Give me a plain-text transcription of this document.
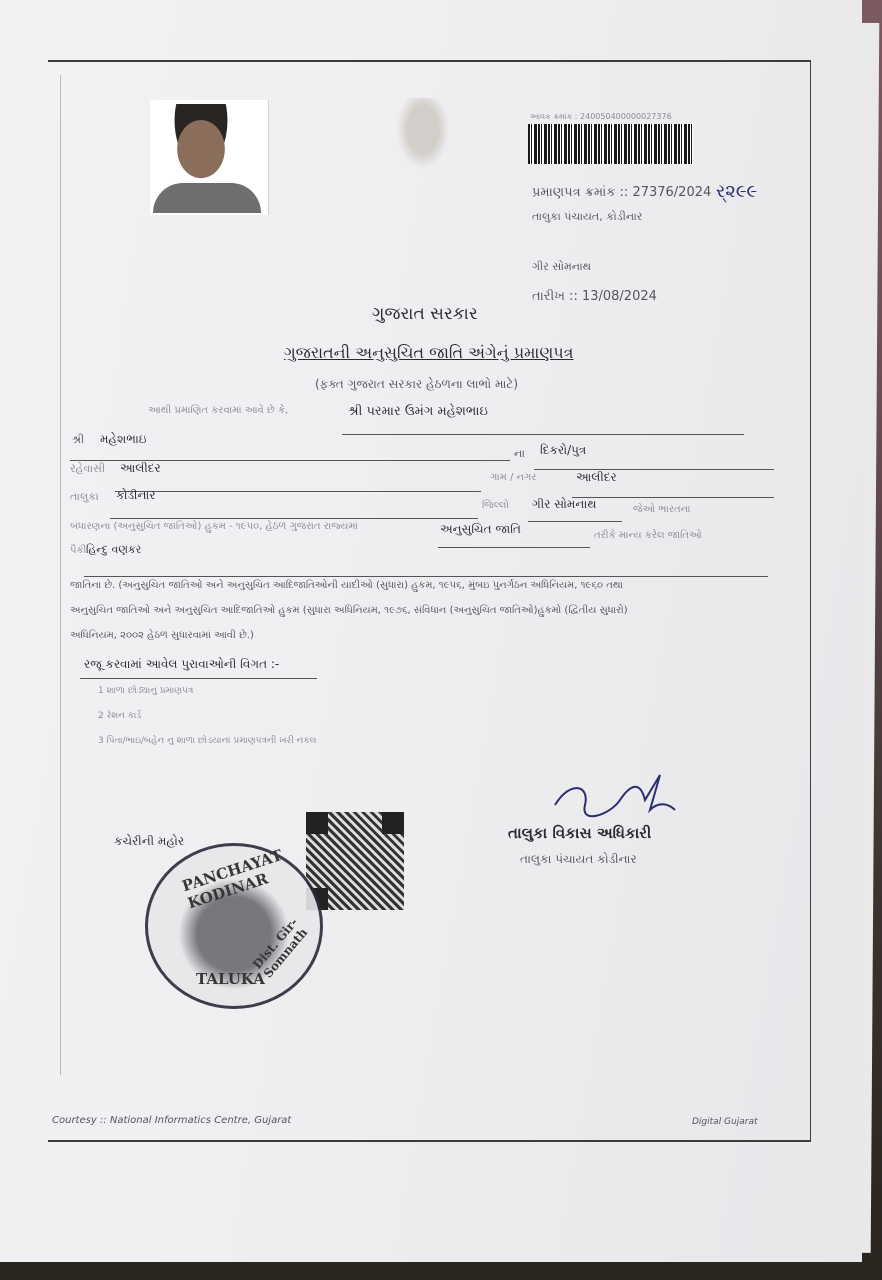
આવક ક્રમાંક : 240050400000027376
પ્રમાણપત્ર ક્રમાંક :: 27376/2024 ર્૨૯૯
તાલુકા પંચાયત, કોડીનાર
ગીર સોમનાથ
તારીખ :: 13/08/2024
ગુજરાત સરકાર
ગુજરાતની અનુસુચિત જાતિ અંગેનું પ્રમાણપત્ર
(ફક્ત ગુજરાત સરકાર હેઠળના લાભો માટે)
આથી પ્રમાણિત કરવામાં આવે છે કે,	શ્રી પરમાર ઉમંગ મહેશભાઇ
શ્રી મહેશભાઇ
ના દિકરો/પુત્ર
રહેવાસી આલીદર
ગામ / નગર	આલીદર
તાલુકા કોડીનાર
જિલ્લો ગીર સોમનાથ	જેઓ ભારતના
બંધારણના (અનુસુચિત જાતિઓ) હુકમ - ૧૯૫૦, હેઠળ ગુજરાત રાજ્યમાં	અનુસુચિત જાતિ	તરીકે માન્ય કરેલ જાતિઓ
પૈકી હિન્દુ વણકર
જાતિના છે. (અનુસુચિત જાતિઓ અને અનુસુચિત આદિજાતિઓની યાદીઓ (સુધારા) હુકમ, ૧૯૫૬, મુંબઇ પુનર્ગઠન અધિનિયમ, ૧૯૬૦ તથા
અનુસુચિત જાતિઓ અને અનુસુચિત આદિજાતિઓ હુકમ (સુધારા અધિનિયમ, ૧૯૭૬, સંવિધાન (અનુસુચિત જાતિઓ)હુકમો (દ્વિતીય સુધારો)
અધિનિયમ, ૨૦૦૨ હેઠળ સુધારવામાં આવી છે.)
રજૂ કરવામાં આવેલ પુરાવાઓની વિગત :-
1 શાળા છોડ્યાનુ પ્રમાણપત્ર
2 રેશન કાર્ડ
3 પિતા/ભાઇ/બહેન નુ શાળા છોડયાનાં પ્રમાણપત્રની ખરી નકલ
તાલુકા વિકાસ અધિકારી
તાલુકા પંચાયત કોડીનાર
કચેરીની મહોર
PANCHAYAT KODINAR
TALUKA
Dist. Gir-Somnath
Courtesy :: National Informatics Centre, Gujarat	Digital Gujarat
